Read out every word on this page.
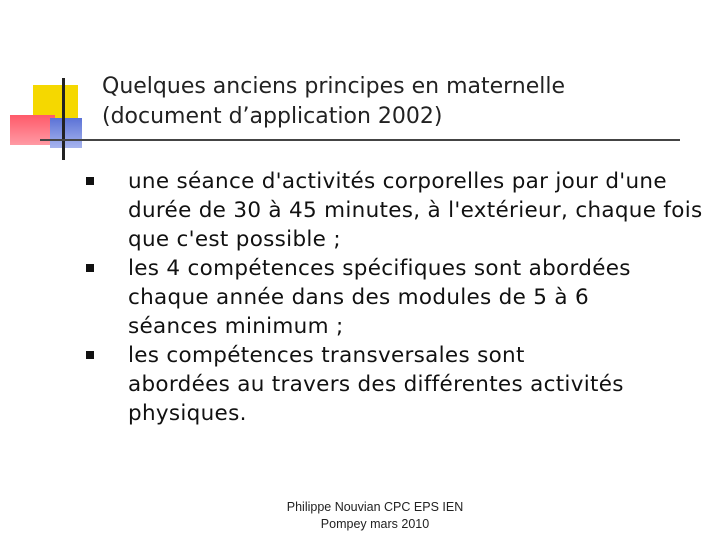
Quelques anciens principes en maternelle
(document d’application 2002)
une séance d'activités corporelles par jour d'une durée de 30 à 45 minutes, à l'extérieur, chaque fois que c'est possible ;
les 4 compétences spécifiques sont abordées chaque année dans des modules de 5 à 6 séances minimum ;
les compétences transversales sont abordées au travers des différentes activités physiques.
Philippe Nouvian CPC EPS IEN
Pompey mars 2010
